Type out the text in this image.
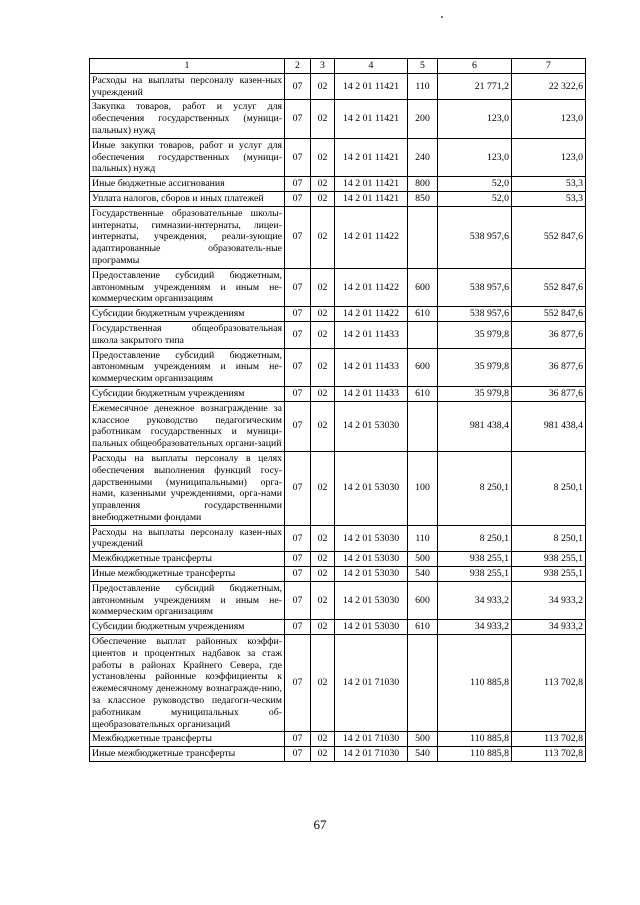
1	2	3	4	5	6	7
Расходы на выплаты персоналу казен-ных учреждений	07	02	14 2 01 11421	110	21 771,2	22 322,6
Закупка товаров, работ и услуг для обеспечения государственных (муници-пальных) нужд	07	02	14 2 01 11421	200	123,0	123,0
Иные закупки товаров, работ и услуг для обеспечения государственных (муници-пальных) нужд	07	02	14 2 01 11421	240	123,0	123,0
Иные бюджетные ассигнования	07	02	14 2 01 11421	800	52,0	53,3
Уплата налогов, сборов и иных платежей	07	02	14 2 01 11421	850	52,0	53,3
Государственные образовательные школы-интернаты, гимназии-интернаты, лицеи-интернаты, учреждения, реали-зующие адаптированные образователь-ные программы	07	02	14 2 01 11422		538 957,6	552 847,6
Предоставление субсидий бюджетным, автономным учреждениям и иным не-коммерческим организациям	07	02	14 2 01 11422	600	538 957,6	552 847,6
Субсидии бюджетным учреждениям	07	02	14 2 01 11422	610	538 957,6	552 847,6
Государственная общеобразовательная школа закрытого типа	07	02	14 2 01 11433		35 979,8	36 877,6
Предоставление субсидий бюджетным, автономным учреждениям и иным не-коммерческим организациям	07	02	14 2 01 11433	600	35 979,8	36 877,6
Субсидии бюджетным учреждениям	07	02	14 2 01 11433	610	35 979,8	36 877,6
Ежемесячное денежное вознаграждение за классное руководство педагогическим работникам государственных и муници-пальных общеобразовательных органи-заций	07	02	14 2 01 53030		981 438,4	981 438,4
Расходы на выплаты персоналу в целях обеспечения выполнения функций госу-дарственными (муниципальными) орга-нами, казенными учреждениями, орга-нами управления государственными внебюджетными фондами	07	02	14 2 01 53030	100	8 250,1	8 250,1
Расходы на выплаты персоналу казен-ных учреждений	07	02	14 2 01 53030	110	8 250,1	8 250,1
Межбюджетные трансферты	07	02	14 2 01 53030	500	938 255,1	938 255,1
Иные межбюджетные трансферты	07	02	14 2 01 53030	540	938 255,1	938 255,1
Предоставление субсидий бюджетным, автономным учреждениям и иным не-коммерческим организациям	07	02	14 2 01 53030	600	34 933,2	34 933,2
Субсидии бюджетным учреждениям	07	02	14 2 01 53030	610	34 933,2	34 933,2
Обеспечение выплат районных коэффи-циентов и процентных надбавок за стаж работы в районах Крайнего Севера, где установлены районные коэффициенты к ежемесячному денежному вознагражде-нию, за классное руководство педагоги-ческим работникам муниципальных об-щеобразовательных организаций	07	02	14 2 01 71030		110 885,8	113 702,8
Межбюджетные трансферты	07	02	14 2 01 71030	500	110 885,8	113 702,8
Иные межбюджетные трансферты	07	02	14 2 01 71030	540	110 885,8	113 702,8
67
